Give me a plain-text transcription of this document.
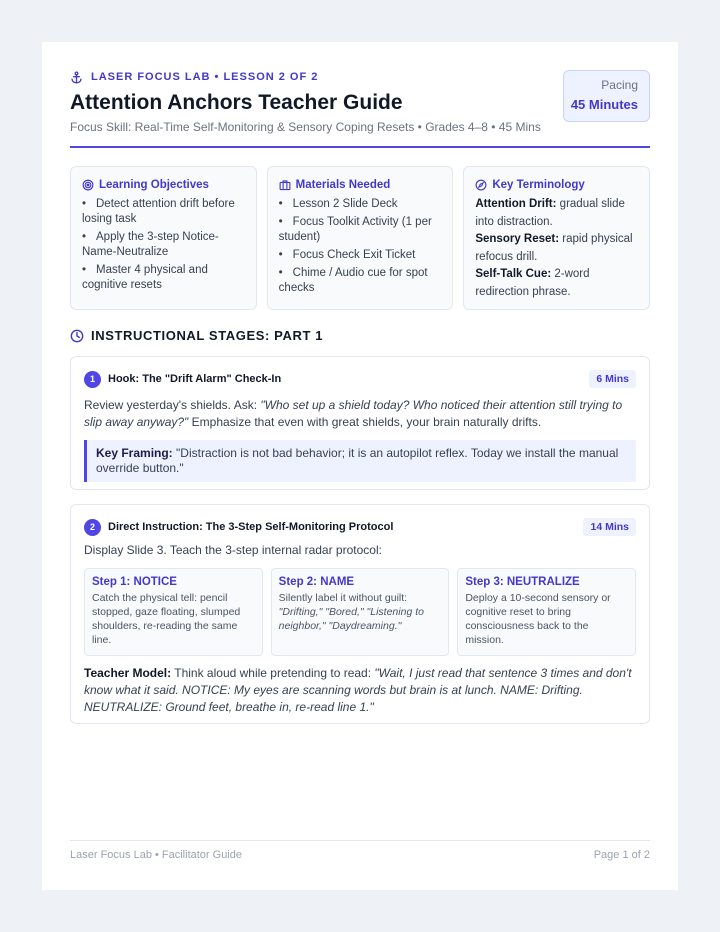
LASER FOCUS LAB • LESSON 2 OF 2
Attention Anchors Teacher Guide
Focus Skill: Real-Time Self-Monitoring & Sensory Coping Resets • Grades 4–8 • 45 Mins
Pacing
45 Minutes
Learning Objectives
• Detect attention drift before losing task
• Apply the 3-step Notice-Name-Neutralize
• Master 4 physical and cognitive resets
Materials Needed
• Lesson 2 Slide Deck
• Focus Toolkit Activity (1 per student)
• Focus Check Exit Ticket
• Chime / Audio cue for spot checks
Key Terminology
Attention Drift: gradual slide into distraction.
Sensory Reset: rapid physical refocus drill.
Self-Talk Cue: 2-word redirection phrase.
INSTRUCTIONAL STAGES: PART 1
1	Hook: The "Drift Alarm" Check-In	6 Mins
Review yesterday's shields. Ask: "Who set up a shield today? Who noticed their attention still trying to slip away anyway?" Emphasize that even with great shields, your brain naturally drifts.
Key Framing: "Distraction is not bad behavior; it is an autopilot reflex. Today we install the manual override button."
2	Direct Instruction: The 3-Step Self-Monitoring Protocol	14 Mins
Display Slide 3. Teach the 3-step internal radar protocol:
Step 1: NOTICE
Catch the physical tell: pencil stopped, gaze floating, slumped shoulders, re-reading the same line.
Step 2: NAME
Silently label it without guilt: "Drifting," "Bored," "Listening to neighbor," "Daydreaming."
Step 3: NEUTRALIZE
Deploy a 10-second sensory or cognitive reset to bring consciousness back to the mission.
Teacher Model: Think aloud while pretending to read: "Wait, I just read that sentence 3 times and don't know what it said. NOTICE: My eyes are scanning words but brain is at lunch. NAME: Drifting. NEUTRALIZE: Ground feet, breathe in, re-read line 1."
Laser Focus Lab • Facilitator Guide	Page 1 of 2
